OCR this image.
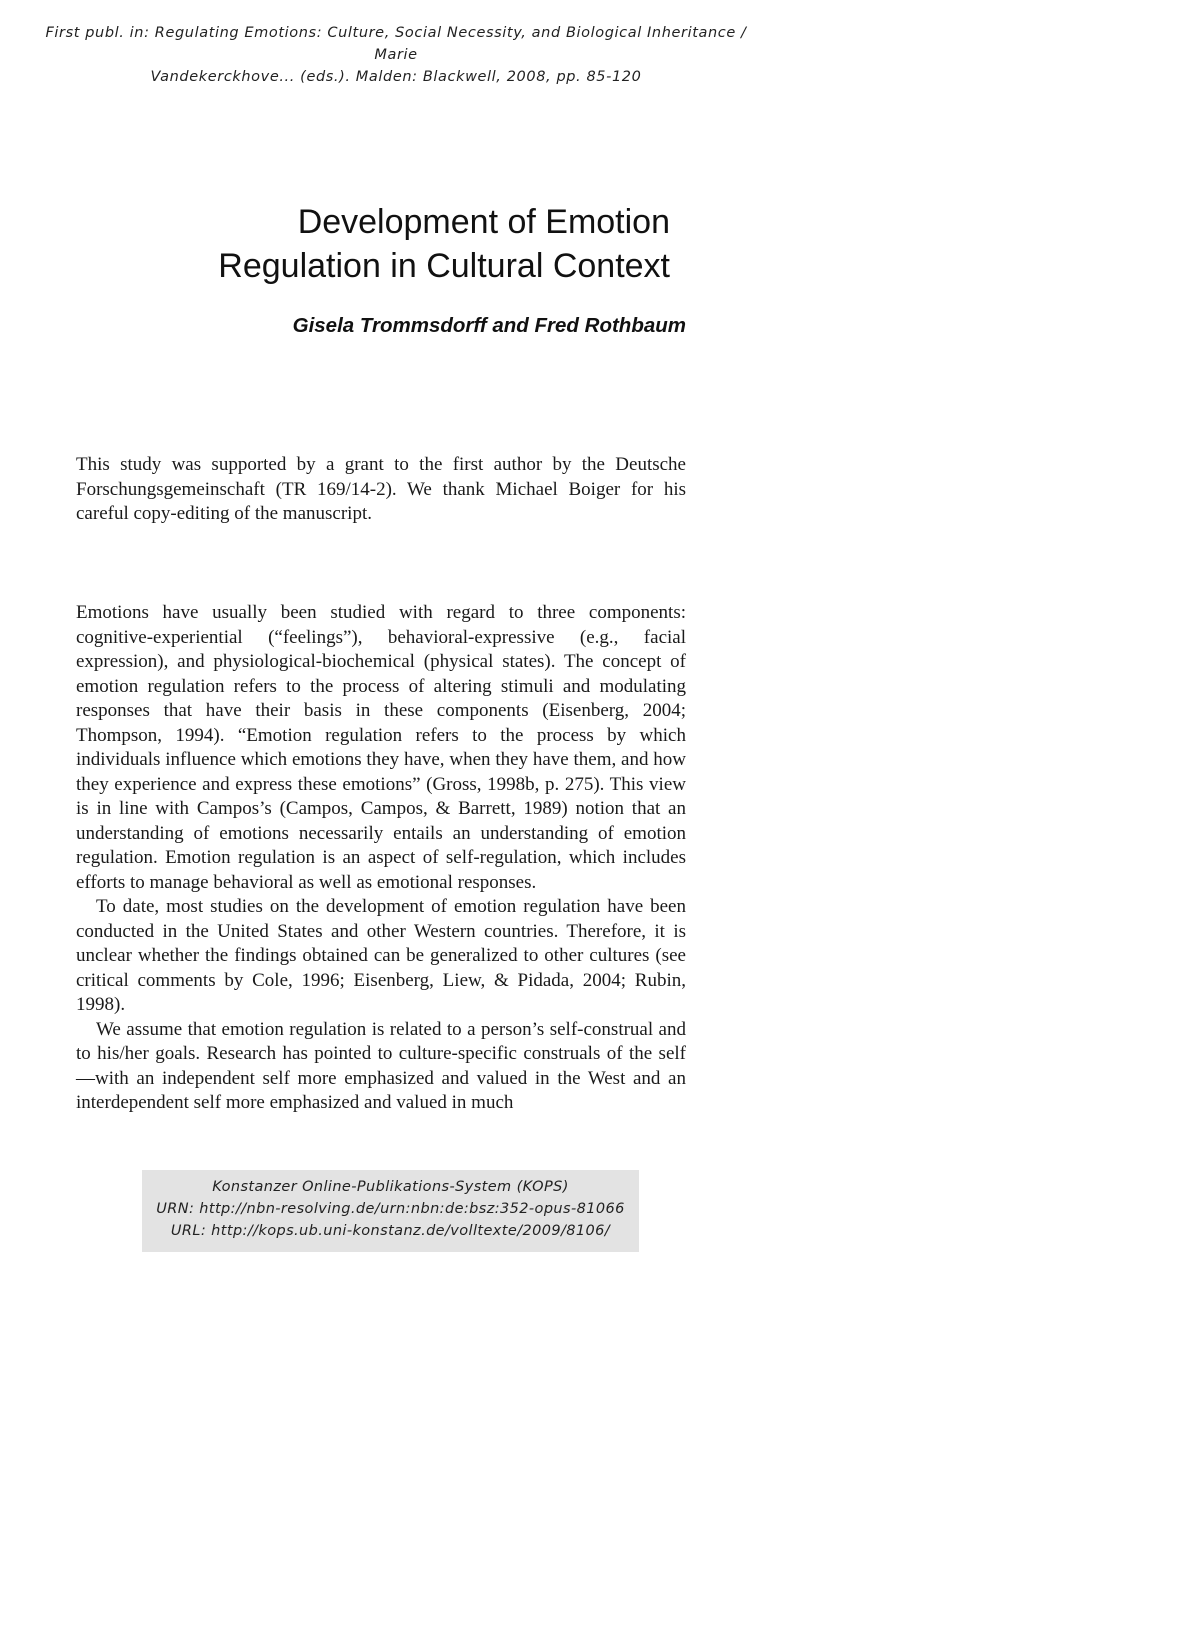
First publ. in: Regulating Emotions: Culture, Social Necessity, and Biological Inheritance / Marie
Vandekerckhove... (eds.). Malden: Blackwell, 2008, pp. 85-120
Development of Emotion
Regulation in Cultural Context
Gisela Trommsdorff and Fred Rothbaum

This study was supported by a grant to the first author by the Deutsche Forschungsgemeinschaft (TR 169/14-2). We thank Michael Boiger for his careful copy-editing of the manuscript.

Emotions have usually been studied with regard to three components: cognitive-experiential (“feelings”), behavioral-expressive (e.g., facial expression), and physiological-biochemical (physical states). The concept of emotion regulation refers to the process of altering stimuli and modulating responses that have their basis in these components (Eisenberg, 2004; Thompson, 1994). “Emotion regulation refers to the process by which individuals influence which emotions they have, when they have them, and how they experience and express these emotions” (Gross, 1998b, p. 275). This view is in line with Campos’s (Campos, Campos, & Barrett, 1989) notion that an understanding of emotions necessarily entails an understanding of emotion regulation. Emotion regulation is an aspect of self-regulation, which includes efforts to manage behavioral as well as emotional responses.

To date, most studies on the development of emotion regulation have been conducted in the United States and other Western countries. Therefore, it is unclear whether the findings obtained can be generalized to other cultures (see critical comments by Cole, 1996; Eisenberg, Liew, & Pidada, 2004; Rubin, 1998).

We assume that emotion regulation is related to a person’s self-construal and to his/her goals. Research has pointed to culture-specific construals of the self—with an independent self more emphasized and valued in the West and an interdependent self more emphasized and valued in much

Konstanzer Online-Publikations-System (KOPS)
URN: http://nbn-resolving.de/urn:nbn:de:bsz:352-opus-81066
URL: http://kops.ub.uni-konstanz.de/volltexte/2009/8106/
